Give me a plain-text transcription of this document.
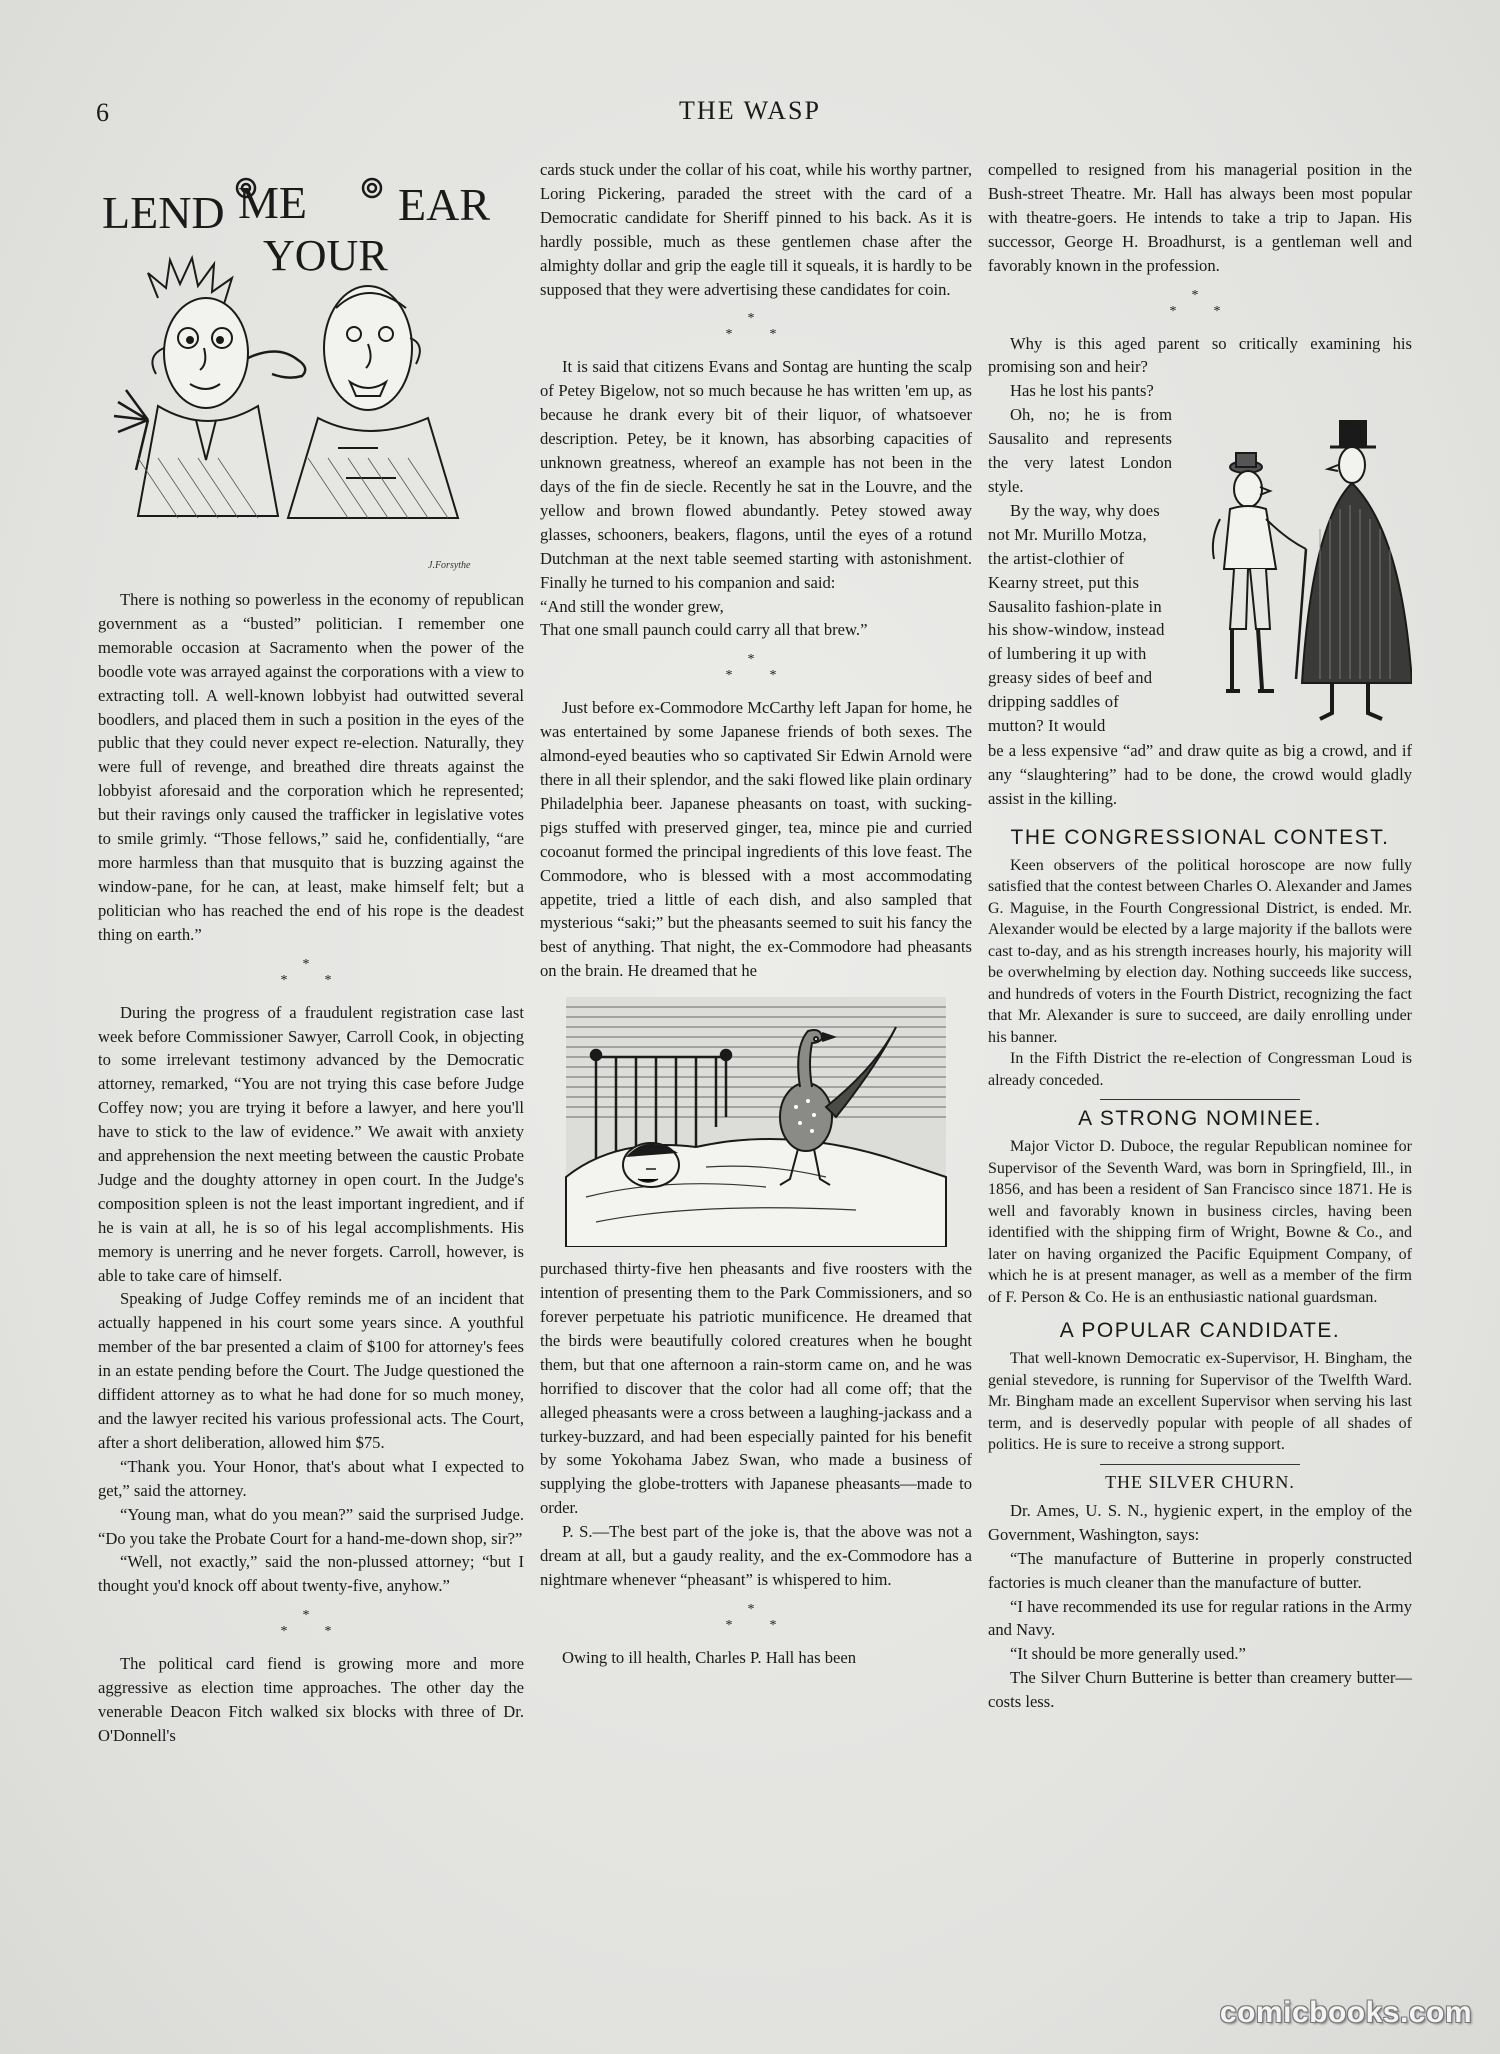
6	THE WASP
LEND ME
YOUR
EAR
J.Forsythe

There is nothing so powerless in the economy of republican government as a “busted” politician. I remember one memorable occasion at Sacramento when the power of the boodle vote was arrayed against the corporations with a view to extracting toll. A well-known lobbyist had outwitted several boodlers, and placed them in such a position in the eyes of the public that they could never expect re-election. Naturally, they were full of revenge, and breathed dire threats against the lobbyist aforesaid and the corporation which he represented; but their ravings only caused the trafficker in legislative votes to smile grimly. “Those fellows,” said he, confidentially, “are more harmless than that musquito that is buzzing against the window-pane, for he can, at least, make himself felt; but a politician who has reached the end of his rope is the deadest thing on earth.”

*
*  *

During the progress of a fraudulent registration case last week before Commissioner Sawyer, Carroll Cook, in objecting to some irrelevant testimony advanced by the Democratic attorney, remarked, “You are not trying this case before Judge Coffey now; you are trying it before a lawyer, and here you'll have to stick to the law of evidence.” We await with anxiety and apprehension the next meeting between the caustic Probate Judge and the doughty attorney in open court. In the Judge's composition spleen is not the least important ingredient, and if he is vain at all, he is so of his legal accomplishments. His memory is unerring and he never forgets. Carroll, however, is able to take care of himself.

Speaking of Judge Coffey reminds me of an incident that actually happened in his court some years since. A youthful member of the bar presented a claim of $100 for attorney's fees in an estate pending before the Court. The Judge questioned the diffident attorney as to what he had done for so much money, and the lawyer recited his various professional acts. The Court, after a short deliberation, allowed him $75.

“Thank you. Your Honor, that's about what I expected to get,” said the attorney.

“Young man, what do you mean?” said the surprised Judge. “Do you take the Probate Court for a hand-me-down shop, sir?”

“Well, not exactly,” said the non-plussed attorney; “but I thought you'd knock off about twenty-five, anyhow.”

*
*  *

The political card fiend is growing more and more aggressive as election time approaches. The other day the venerable Deacon Fitch walked six blocks with three of Dr. O'Donnell's

cards stuck under the collar of his coat, while his worthy partner, Loring Pickering, paraded the street with the card of a Democratic candidate for Sheriff pinned to his back. As it is hardly possible, much as these gentlemen chase after the almighty dollar and grip the eagle till it squeals, it is hardly to be supposed that they were advertising these candidates for coin.

*
*  *

It is said that citizens Evans and Sontag are hunting the scalp of Petey Bigelow, not so much because he has written 'em up, as because he drank every bit of their liquor, of whatsoever description. Petey, be it known, has absorbing capacities of unknown greatness, whereof an example has not been in the days of the fin de siecle. Recently he sat in the Louvre, and the yellow and brown flowed abundantly. Petey stowed away glasses, schooners, beakers, flagons, until the eyes of a rotund Dutchman at the next table seemed starting with astonishment. Finally he turned to his companion and said:

“And still the wonder grew,

That one small paunch could carry all that brew.”

*
*  *

Just before ex-Commodore McCarthy left Japan for home, he was entertained by some Japanese friends of both sexes. The almond-eyed beauties who so captivated Sir Edwin Arnold were there in all their splendor, and the saki flowed like plain ordinary Philadelphia beer. Japanese pheasants on toast, with sucking-pigs stuffed with preserved ginger, tea, mince pie and curried cocoanut formed the principal ingredients of this love feast. The Commodore, who is blessed with a most accommodating appetite, tried a little of each dish, and also sampled that mysterious “saki;” but the pheasants seemed to suit his fancy the best of anything. That night, the ex-Commodore had pheasants on the brain. He dreamed that he

purchased thirty-five hen pheasants and five roosters with the intention of presenting them to the Park Commissioners, and so forever perpetuate his patriotic munificence. He dreamed that the birds were beautifully colored creatures when he bought them, but that one afternoon a rain-storm came on, and he was horrified to discover that the color had all come off; that the alleged pheasants were a cross between a laughing-jackass and a turkey-buzzard, and had been especially painted for his benefit by some Yokohama Jabez Swan, who made a business of supplying the globe-trotters with Japanese pheasants—made to order.

P. S.—The best part of the joke is, that the above was not a dream at all, but a gaudy reality, and the ex-Commodore has a nightmare whenever “pheasant” is whispered to him.

*
*  *

Owing to ill health, Charles P. Hall has been

compelled to resigned from his managerial position in the Bush-street Theatre. Mr. Hall has always been most popular with theatre-goers. He intends to take a trip to Japan. His successor, George H. Broadhurst, is a gentleman well and favorably known in the profession.

*
*  *

Why is this aged parent so critically examining his promising son and heir?

Has he lost his pants?

Oh, no; he is from Sausalito and represents the very latest London style.

By the way, why does not Mr. Murillo Motza, the artist-clothier of Kearny street, put this Sausalito fashion-plate in his show-window, instead of lumbering it up with greasy sides of beef and dripping saddles of mutton? It would

be a less expensive “ad” and draw quite as big a crowd, and if any “slaughtering” had to be done, the crowd would gladly assist in the killing.

THE CONGRESSIONAL CONTEST.

Keen observers of the political horoscope are now fully satisfied that the contest between Charles O. Alexander and James G. Maguise, in the Fourth Congressional District, is ended. Mr. Alexander would be elected by a large majority if the ballots were cast to-day, and as his strength increases hourly, his majority will be overwhelming by election day. Nothing succeeds like success, and hundreds of voters in the Fourth District, recognizing the fact that Mr. Alexander is sure to succeed, are daily enrolling under his banner.

In the Fifth District the re-election of Congressman Loud is already conceded.

A STRONG NOMINEE.

Major Victor D. Duboce, the regular Republican nominee for Supervisor of the Seventh Ward, was born in Springfield, Ill., in 1856, and has been a resident of San Francisco since 1871. He is well and favorably known in business circles, having been identified with the shipping firm of Wright, Bowne & Co., and later on having organized the Pacific Equipment Company, of which he is at present manager, as well as a member of the firm of F. Person & Co. He is an enthusiastic national guardsman.

A POPULAR CANDIDATE.

That well-known Democratic ex-Supervisor, H. Bingham, the genial stevedore, is running for Supervisor of the Twelfth Ward. Mr. Bingham made an excellent Supervisor when serving his last term, and is deservedly popular with people of all shades of politics. He is sure to receive a strong support.

THE SILVER CHURN.

Dr. Ames, U. S. N., hygienic expert, in the employ of the Government, Washington, says:

“The manufacture of Butterine in properly constructed factories is much cleaner than the manufacture of butter.

“I have recommended its use for regular rations in the Army and Navy.

“It should be more generally used.”

The Silver Churn Butterine is better than creamery butter—costs less.

comicbooks.com
